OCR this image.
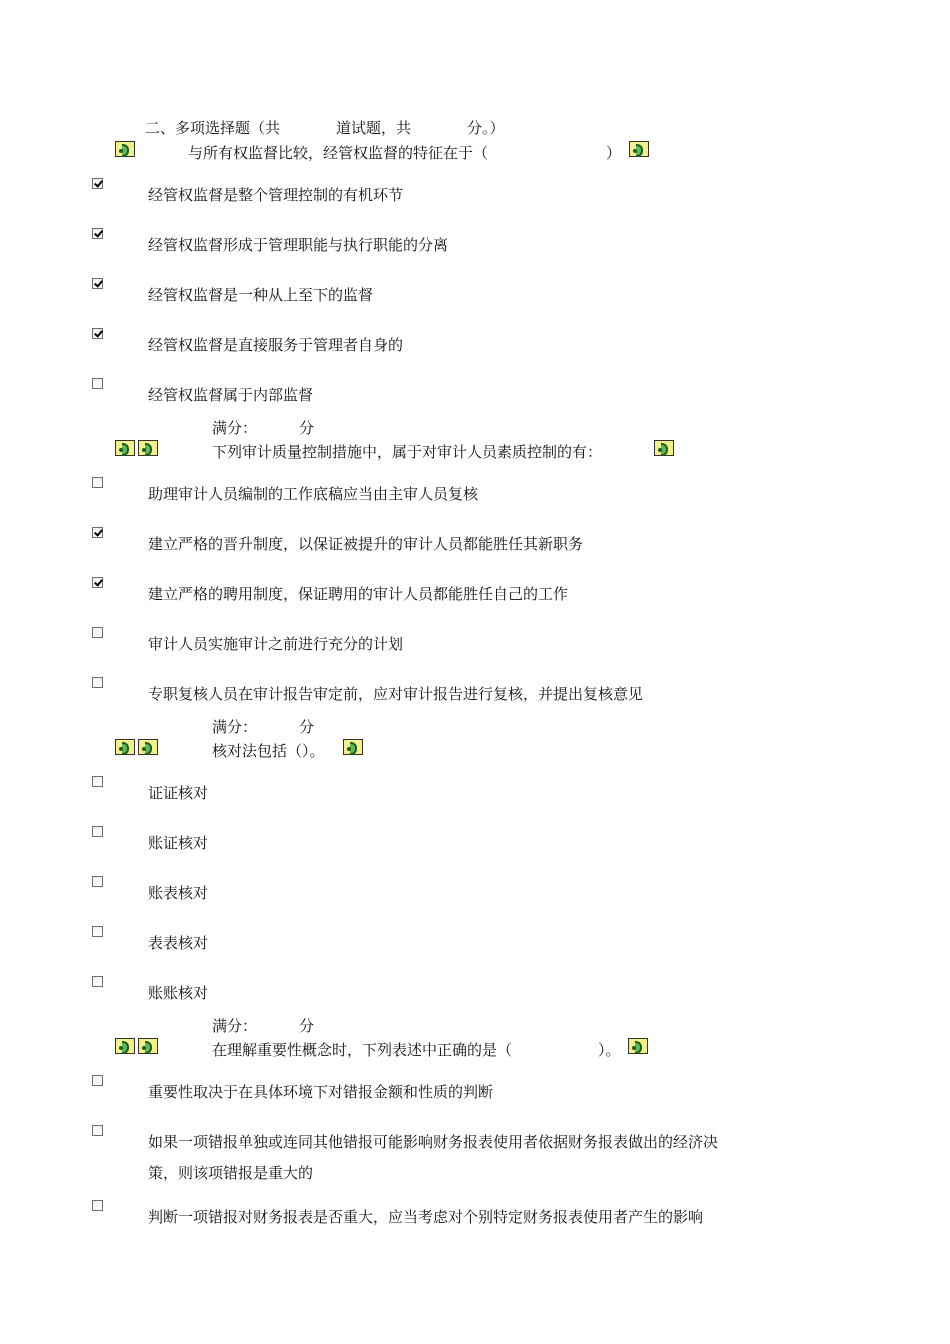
二、多项选择题（共	道试题，共	分。）
与所有权监督比较，经管权监督的特征在于（	）
经管权监督是整个管理控制的有机环节
经管权监督形成于管理职能与执行职能的分离
经管权监督是一种从上至下的监督
经管权监督是直接服务于管理者自身的
经管权监督属于内部监督
满分：	分
下列审计质量控制措施中，属于对审计人员素质控制的有：
助理审计人员编制的工作底稿应当由主审人员复核
建立严格的晋升制度，以保证被提升的审计人员都能胜任其新职务
建立严格的聘用制度，保证聘用的审计人员都能胜任自己的工作
审计人员实施审计之前进行充分的计划
专职复核人员在审计报告审定前，应对审计报告进行复核，并提出复核意见
满分：	分
核对法包括（）。
证证核对
账证核对
账表核对
表表核对
账账核对
满分：	分
在理解重要性概念时，下列表述中正确的是（	）。
重要性取决于在具体环境下对错报金额和性质的判断
如果一项错报单独或连同其他错报可能影响财务报表使用者依据财务报表做出的经济决
策，则该项错报是重大的
判断一项错报对财务报表是否重大，应当考虑对个别特定财务报表使用者产生的影响
